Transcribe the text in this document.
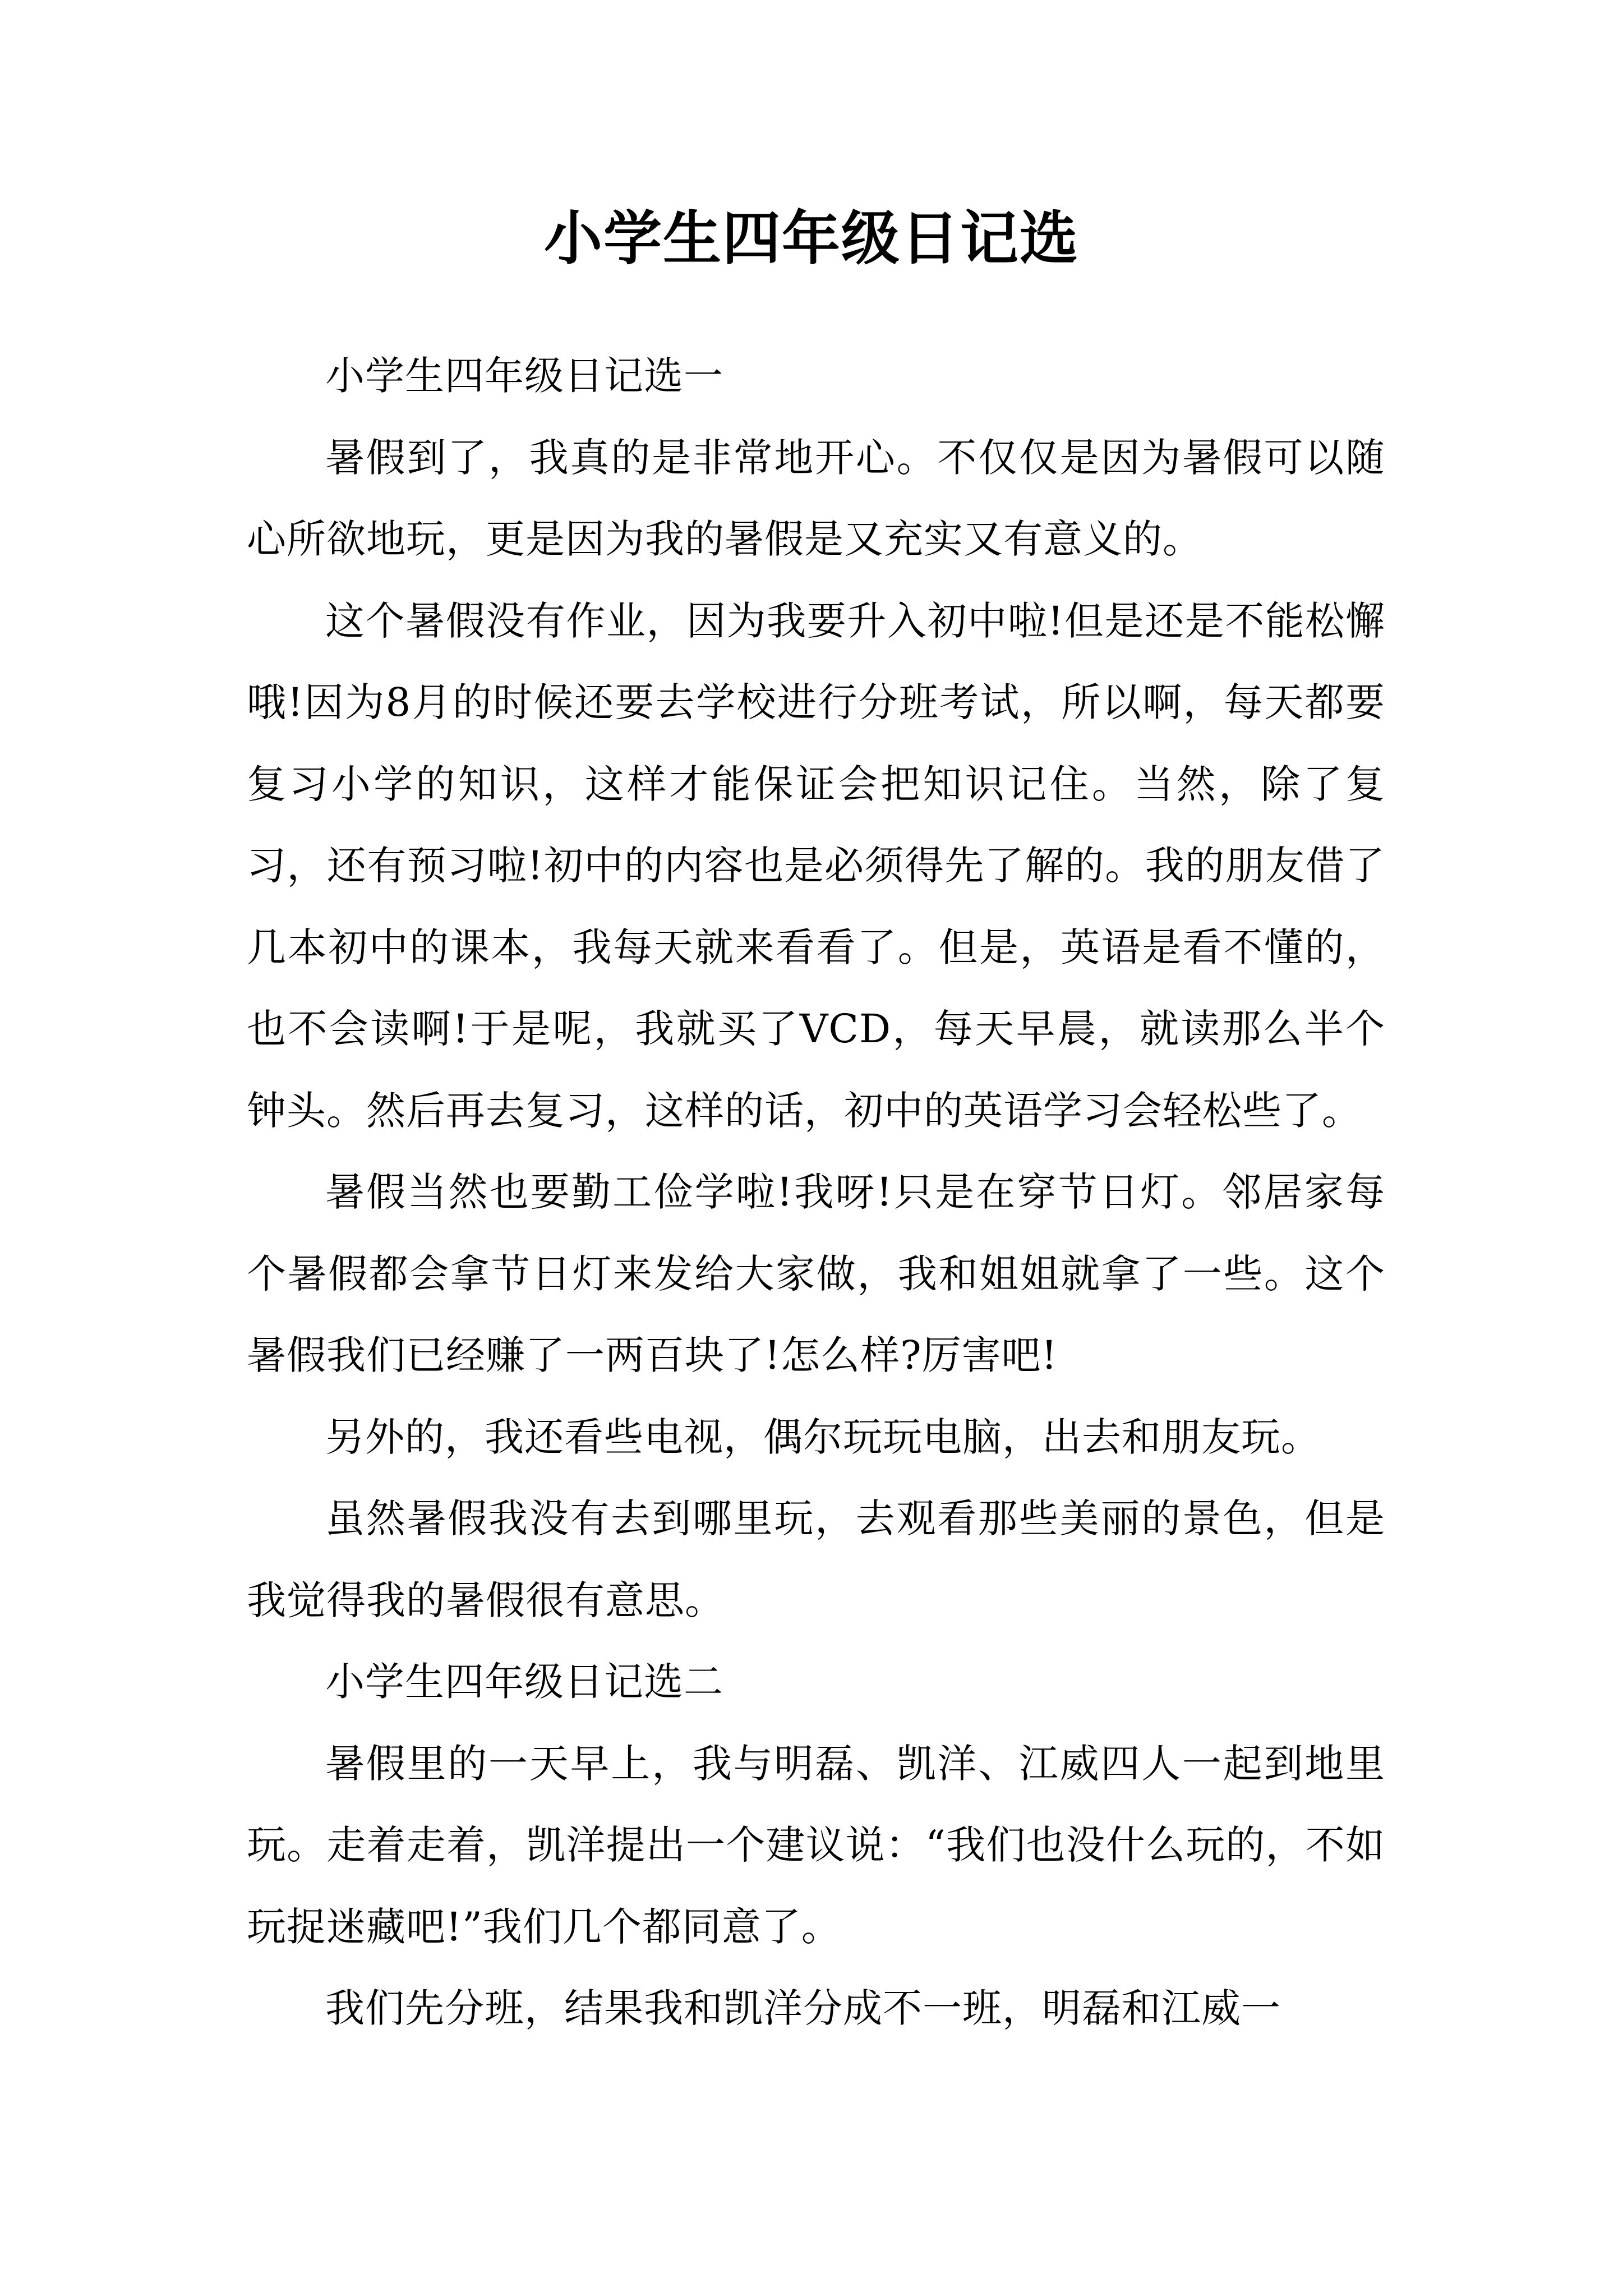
小学生四年级日记选

小学生四年级日记选一

暑假到了，我真的是非常地开心。不仅仅是因为暑假可以随心所欲地玩，更是因为我的暑假是又充实又有意义的。

这个暑假没有作业，因为我要升入初中啦!但是还是不能松懈哦!因为8月的时候还要去学校进行分班考试，所以啊，每天都要复习小学的知识，这样才能保证会把知识记住。当然，除了复习，还有预习啦!初中的内容也是必须得先了解的。我的朋友借了几本初中的课本，我每天就来看看了。但是，英语是看不懂的，也不会读啊!于是呢，我就买了VCD，每天早晨，就读那么半个钟头。然后再去复习，这样的话，初中的英语学习会轻松些了。

暑假当然也要勤工俭学啦!我呀!只是在穿节日灯。邻居家每个暑假都会拿节日灯来发给大家做，我和姐姐就拿了一些。这个暑假我们已经赚了一两百块了!怎么样?厉害吧!

另外的，我还看些电视，偶尔玩玩电脑，出去和朋友玩。

虽然暑假我没有去到哪里玩，去观看那些美丽的景色，但是我觉得我的暑假很有意思。

小学生四年级日记选二

暑假里的一天早上，我与明磊、凯洋、江威四人一起到地里玩。走着走着，凯洋提出一个建议说：“我们也没什么玩的，不如玩捉迷藏吧!”我们几个都同意了。

我们先分班，结果我和凯洋分成不一班，明磊和江威一
